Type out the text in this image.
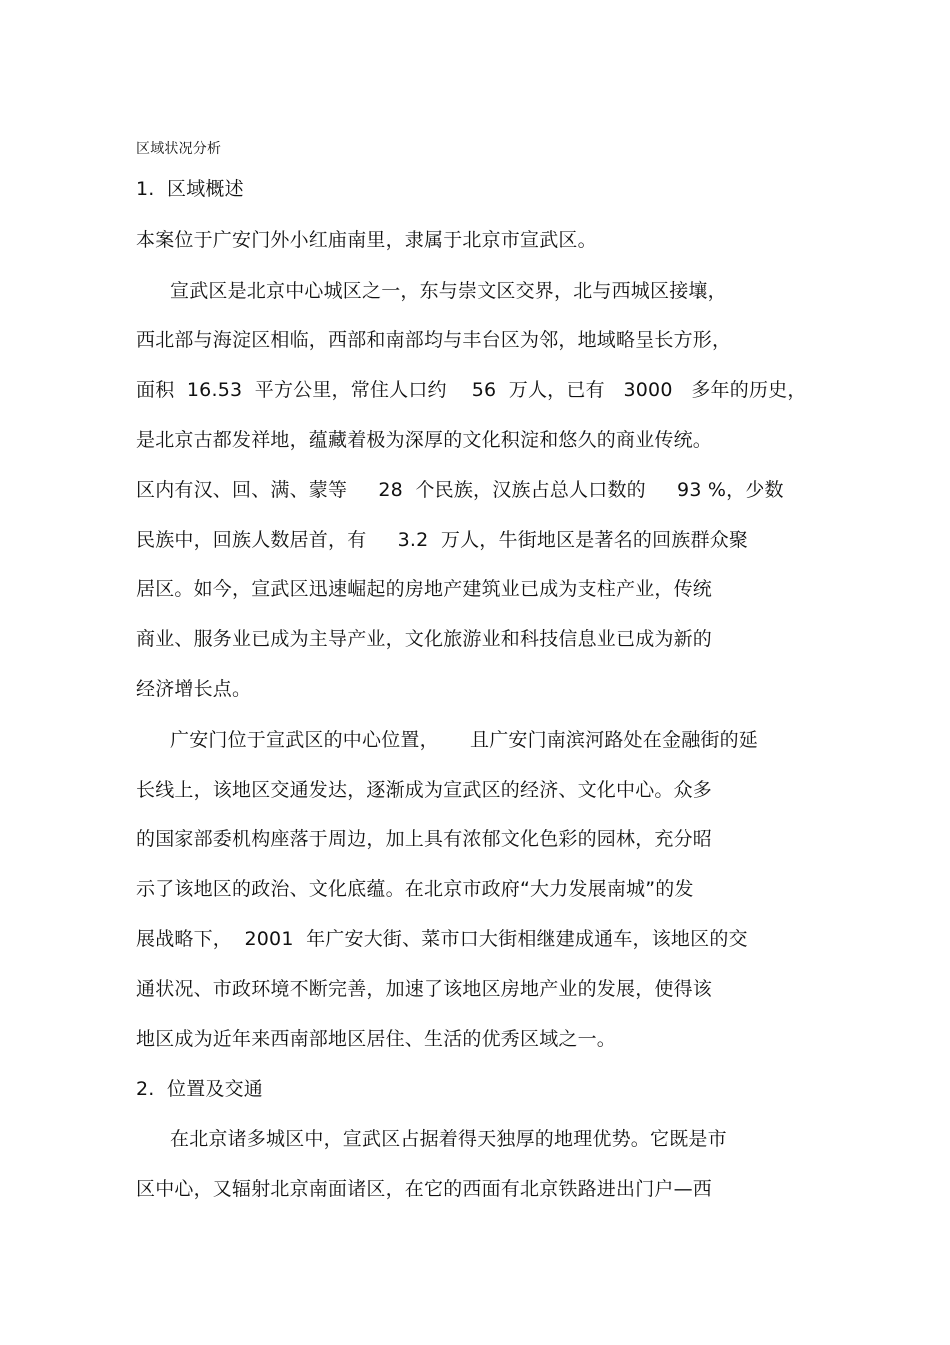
区域状况分析
1.  区域概述
本案位于广安门外小红庙南里，隶属于北京市宣武区。
宣武区是北京中心城区之一，东与崇文区交界，北与西城区接壤，
西北部与海淀区相临，西部和南部均与丰台区为邻，地域略呈长方形，
面积  16.53  平方公里，常住人口约    56  万人，已有   3000   多年的历史，
是北京古都发祥地，蕴藏着极为深厚的文化积淀和悠久的商业传统。
区内有汉、回、满、蒙等     28  个民族，汉族占总人口数的     93 %，少数
民族中，回族人数居首，有     3.2  万人，牛街地区是著名的回族群众聚
居区。如今，宣武区迅速崛起的房地产建筑业已成为支柱产业，传统
商业、服务业已成为主导产业，文化旅游业和科技信息业已成为新的
经济增长点。
广安门位于宣武区的中心位置，     且广安门南滨河路处在金融街的延
长线上，该地区交通发达，逐渐成为宣武区的经济、文化中心。众多
的国家部委机构座落于周边，加上具有浓郁文化色彩的园林，充分昭
示了该地区的政治、文化底蕴。在北京市政府“大力发展南城”的发
展战略下，  2001  年广安大街、菜市口大街相继建成通车，该地区的交
通状况、市政环境不断完善，加速了该地区房地产业的发展，使得该
地区成为近年来西南部地区居住、生活的优秀区域之一。
2.  位置及交通
在北京诸多城区中，宣武区占据着得天独厚的地理优势。它既是市
区中心，又辐射北京南面诸区，在它的西面有北京铁路进出门户—西
